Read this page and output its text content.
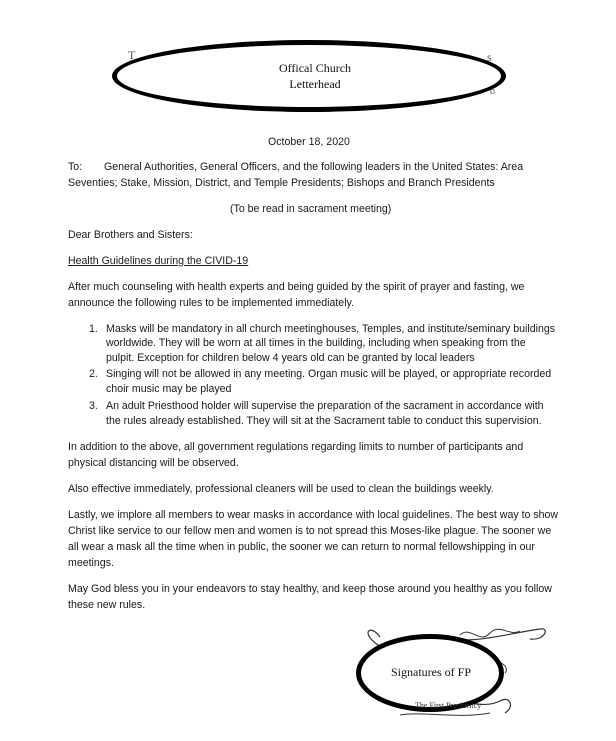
T	s
o
Offical Church
Letterhead
October 18, 2020
To: General Authorities, General Officers, and the following leaders in the United States: Area
Seventies; Stake, Mission, District, and Temple Presidents; Bishops and Branch Presidents
(To be read in sacrament meeting)
Dear Brothers and Sisters:
Health Guidelines during the CIVID-19
After much counseling with health experts and being guided by the spirit of prayer and fasting, we
announce the following rules to be implemented immediately.
1. Masks will be mandatory in all church meetinghouses, Temples, and institute/seminary buildings
worldwide. They will be worn at all times in the building, including when speaking from the
pulpit. Exception for children below 4 years old can be granted by local leaders
2. Singing will not be allowed in any meeting. Organ music will be played, or appropriate recorded
choir music may be played
3. An adult Priesthood holder will supervise the preparation of the sacrament in accordance with
the rules already established. They will sit at the Sacrament table to conduct this supervision.
In addition to the above, all government regulations regarding limits to number of participants and
physical distancing will be observed.
Also effective immediately, professional cleaners will be used to clean the buildings weekly.
Lastly, we implore all members to wear masks in accordance with local guidelines. The best way to show
Christ like service to our fellow men and women is to not spread this Moses-like plague. The sooner we
all wear a mask all the time when in public, the sooner we can return to normal fellowshipping in our
meetings.
May God bless you in your endeavors to stay healthy, and keep those around you healthy as you follow
these new rules.
Signatures of FP
The First Presidency
